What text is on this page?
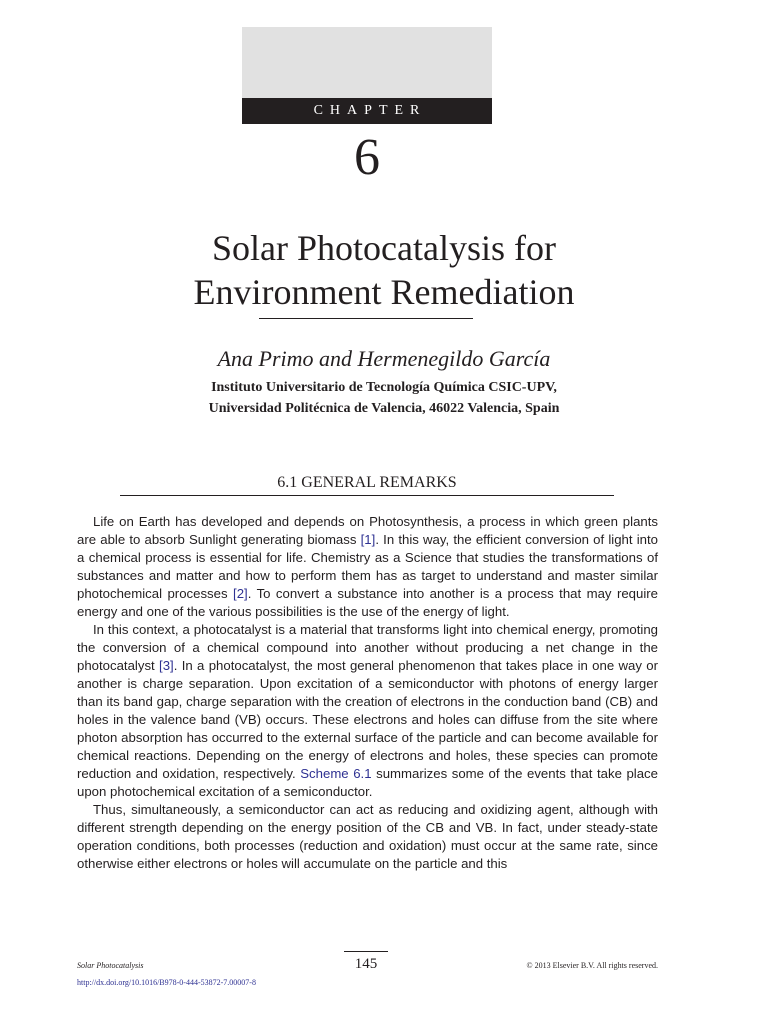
CHAPTER
6
Solar Photocatalysis for
Environment Remediation
Ana Primo and Hermenegildo García
Instituto Universitario de Tecnología Química CSIC-UPV,
Universidad Politécnica de Valencia, 46022 Valencia, Spain
6.1 GENERAL REMARKS

Life on Earth has developed and depends on Photosynthesis, a process in which green plants are able to absorb Sunlight generating biomass [1]. In this way, the efficient conversion of light into a chemical process is essential for life. Chemistry as a Science that studies the transformations of substances and matter and how to perform them has as target to understand and master similar photochemical processes [2]. To convert a substance into another is a process that may require energy and one of the various possibilities is the use of the energy of light.

In this context, a photocatalyst is a material that transforms light into chemical energy, promoting the conversion of a chemical compound into another without producing a net change in the photocatalyst [3]. In a photocatalyst, the most general phenomenon that takes place in one way or another is charge separation. Upon excitation of a semiconductor with photons of energy larger than its band gap, charge separation with the creation of electrons in the conduction band (CB) and holes in the valence band (VB) occurs. These electrons and holes can diffuse from the site where photon absorption has occurred to the external surface of the particle and can become available for chemical reactions. Depending on the energy of electrons and holes, these species can promote reduction and oxidation, respectively. Scheme 6.1 summarizes some of the events that take place upon photochemical excitation of a semiconductor.

Thus, simultaneously, a semiconductor can act as reducing and oxidizing agent, although with different strength depending on the energy position of the CB and VB. In fact, under steady-state operation conditions, both processes (reduction and oxidation) must occur at the same rate, since otherwise either electrons or holes will accumulate on the particle and this

145
Solar Photocatalysis	© 2013 Elsevier B.V. All rights reserved.
http://dx.doi.org/10.1016/B978-0-444-53872-7.00007-8
